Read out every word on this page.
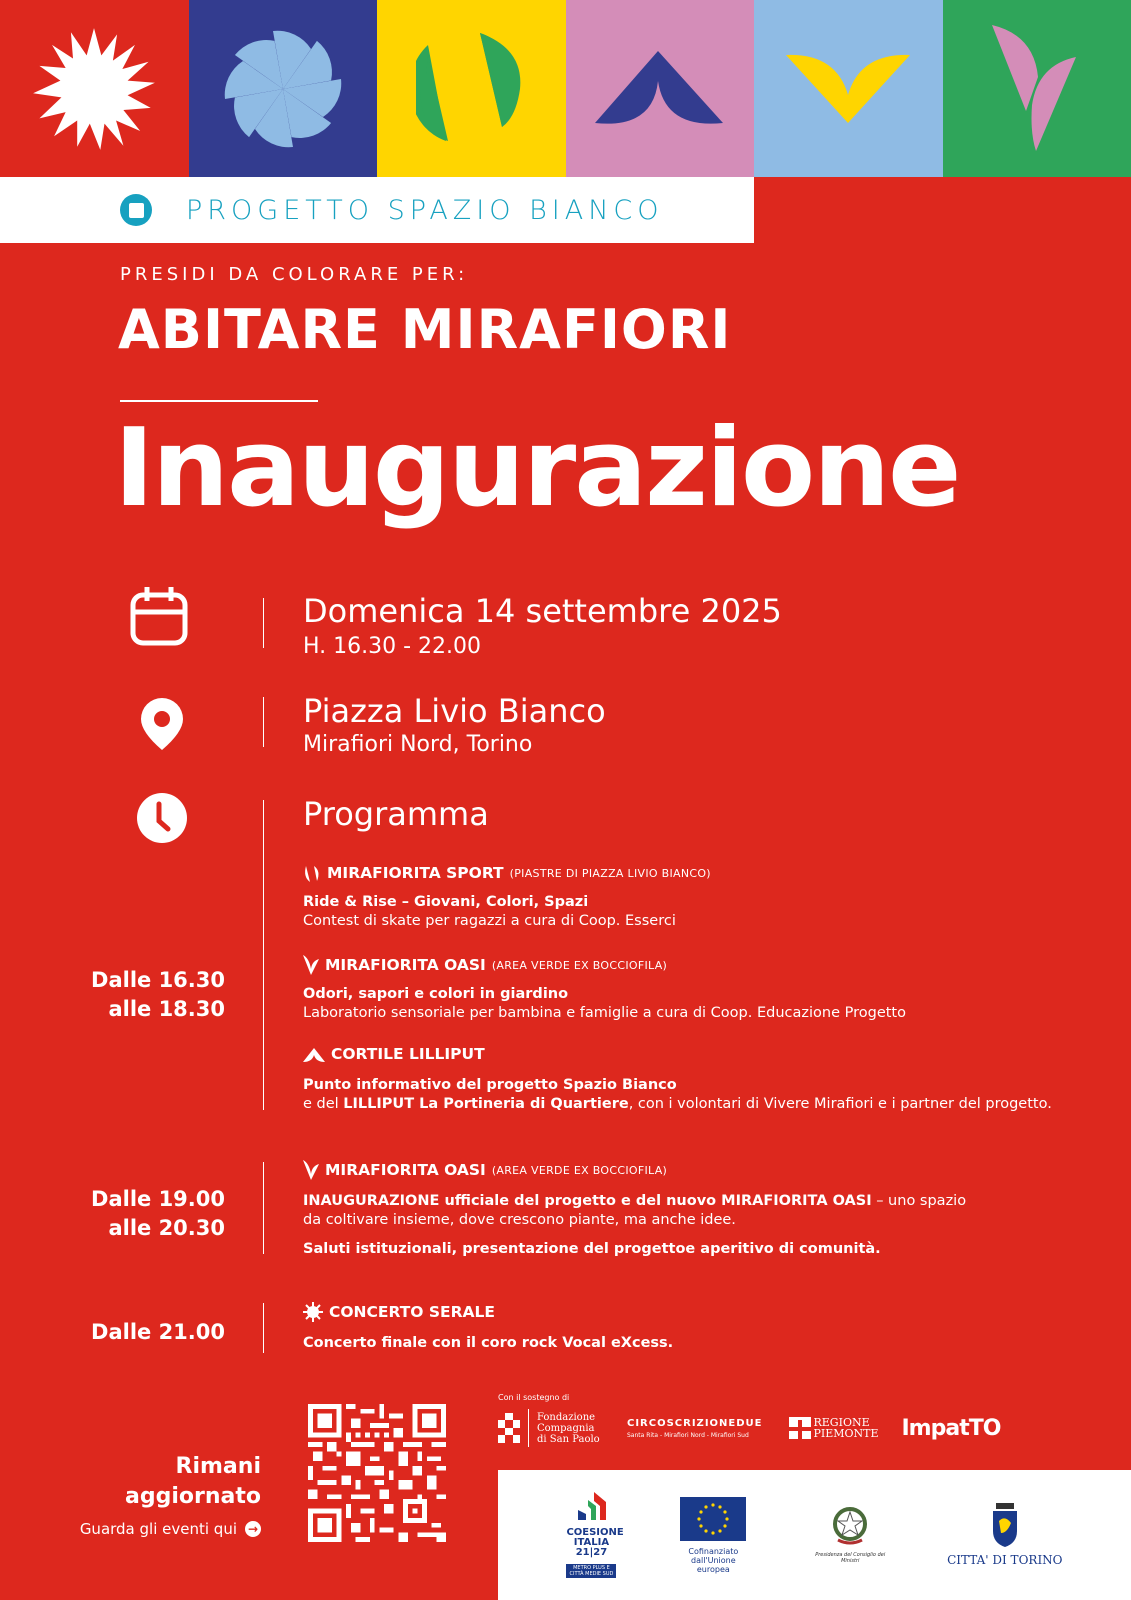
PROGETTO SPAZIO BIANCO
PRESIDI DA COLORARE PER:
ABITARE MIRAFIORI
Inaugurazione
Domenica 14 settembre 2025
H. 16.30 - 22.00
Piazza Livio Bianco
Mirafiori Nord, Torino
Programma
Dalle 16.30
alle 18.30
MIRAFIORITA SPORT (PIASTRE DI PIAZZA LIVIO BIANCO)

Ride & Rise – Giovani, Colori, Spazi

Contest di skate per ragazzi a cura di Coop. Esserci

MIRAFIORITA OASI (AREA VERDE EX BOCCIOFILA)

Odori, sapori e colori in giardino

Laboratorio sensoriale per bambina e famiglie a cura di Coop. Educazione Progetto

CORTILE LILLIPUT

Punto informativo del progetto Spazio Bianco

e del LILLIPUT La Portineria di Quartiere, con i volontari di Vivere Mirafiori e i partner del progetto.

Dalle 19.00
alle 20.30
MIRAFIORITA OASI (AREA VERDE EX BOCCIOFILA)

INAUGURAZIONE ufficiale del progetto e del nuovo MIRAFIORITA OASI – uno spazio

da coltivare insieme, dove crescono piante, ma anche idee.

Saluti istituzionali, presentazione del progettoe aperitivo di comunità.

Dalle 21.00
CONCERTO SERALE

Concerto finale con il coro rock Vocal eXcess.

Rimani
aggiornato
Guarda gli eventi qui →
Con il sostegno di
Fondazione Compagnia di San Paolo
CIRCOSCRIZIONEDUE
Santa Rita - Mirafiori Nord - Mirafiori Sud
REGIONE PIEMONTE ImpatTO
COESIONE ITALIA 21|27
METRO PLUS E CITTÀ MEDIE SUD
Cofinanziato dall'Unione europea
Presidenza del Consiglio dei Ministri	CITTA' DI TORINO
